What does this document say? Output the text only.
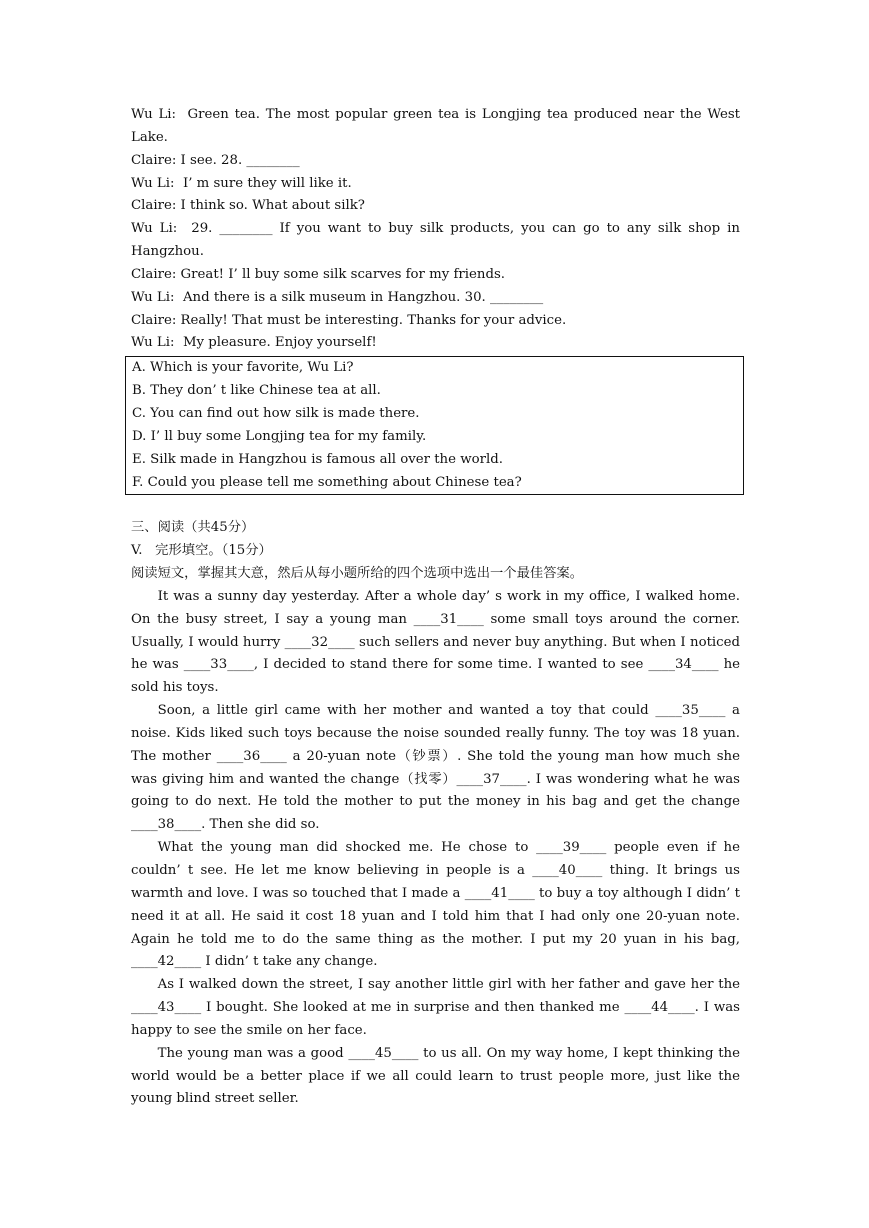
Wu Li:  Green tea. The most popular green tea is Longjing tea produced near the West Lake.
Claire: I see. 28. ________
Wu Li:  I’ m sure they will like it.
Claire: I think so. What about silk?
Wu Li:  29. ________ If you want to buy silk products, you can go to any silk shop in Hangzhou.
Claire: Great! I’ ll buy some silk scarves for my friends.
Wu Li:  And there is a silk museum in Hangzhou. 30. ________
Claire: Really! That must be interesting. Thanks for your advice.
Wu Li:  My pleasure. Enjoy yourself!
A. Which is your favorite, Wu Li?
B. They don’ t like Chinese tea at all.
C. You can find out how silk is made there.
D. I’ ll buy some Longjing tea for my family.
E. Silk made in Hangzhou is famous all over the world.
F. Could you please tell me something about Chinese tea?
三、阅读（共45分）
V.   完形填空。（15分）
阅读短文，掌握其大意，然后从每小题所给的四个选项中选出一个最佳答案。
It was a sunny day yesterday. After a whole day’ s work in my office, I walked home. On the busy street, I say a young man ____31____ some small toys around the corner. Usually, I would hurry ____32____ such sellers and never buy anything. But when I noticed he was ____33____, I decided to stand there for some time. I wanted to see ____34____ he sold his toys.
Soon, a little girl came with her mother and wanted a toy that could ____35____ a noise. Kids liked such toys because the noise sounded really funny. The toy was 18 yuan. The mother ____36____ a 20-yuan note（钞票）. She told the young man how much she was giving him and wanted the change（找零）____37____. I was wondering what he was going to do next. He told the mother to put the money in his bag and get the change ____38____. Then she did so.
What the young man did shocked me. He chose to ____39____ people even if he couldn’ t see. He let me know believing in people is a ____40____ thing. It brings us warmth and love. I was so touched that I made a ____41____ to buy a toy although I didn’ t need it at all. He said it cost 18 yuan and I told him that I had only one 20-yuan note. Again he told me to do the same thing as the mother. I put my 20 yuan in his bag, ____42____ I didn’ t take any change.
As I walked down the street, I say another little girl with her father and gave her the ____43____ I bought. She looked at me in surprise and then thanked me ____44____. I was happy to see the smile on her face.
The young man was a good ____45____ to us all. On my way home, I kept thinking the world would be a better place if we all could learn to trust people more, just like the young blind street seller.
